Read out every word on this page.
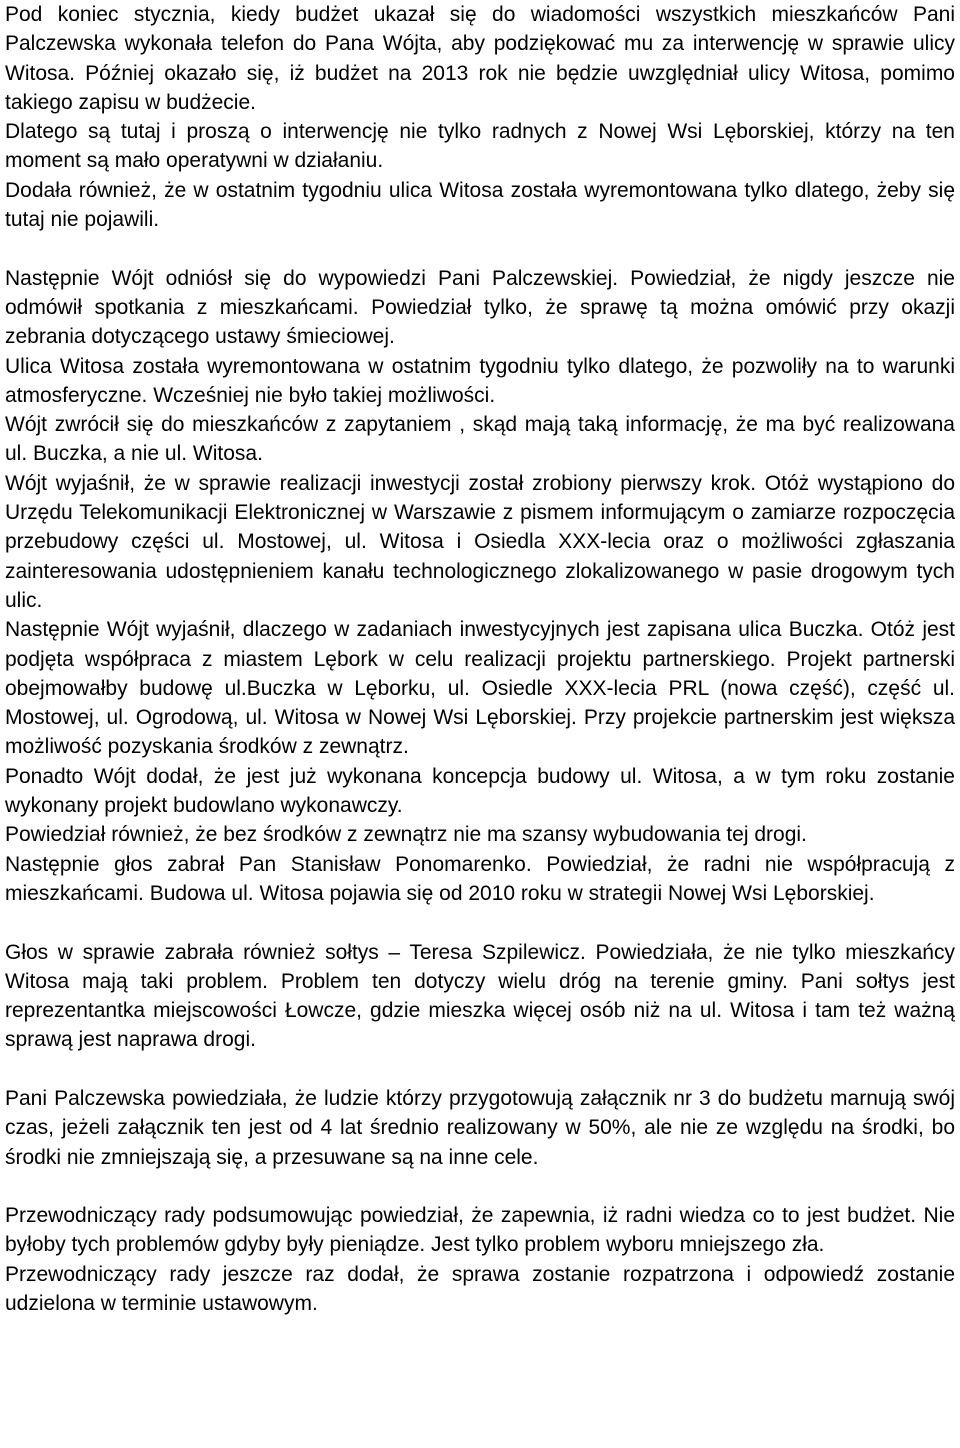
Pod koniec stycznia, kiedy budżet ukazał się do wiadomości wszystkich mieszkańców Pani Palczewska wykonała telefon do Pana Wójta, aby podziękować mu za interwencję w sprawie ulicy Witosa. Później okazało się, iż budżet na 2013 rok nie będzie uwzględniał ulicy Witosa, pomimo takiego zapisu w budżecie.

Dlatego są tutaj i proszą o interwencję nie tylko radnych z Nowej Wsi Lęborskiej, którzy na ten moment są mało operatywni w działaniu.

Dodała również, że w ostatnim tygodniu ulica Witosa została wyremontowana tylko dlatego, żeby się tutaj nie pojawili.

Następnie Wójt odniósł się do wypowiedzi Pani Palczewskiej. Powiedział, że nigdy jeszcze nie odmówił spotkania z mieszkańcami. Powiedział tylko, że sprawę tą można omówić przy okazji zebrania dotyczącego ustawy śmieciowej.

Ulica Witosa została wyremontowana w ostatnim tygodniu tylko dlatego, że pozwoliły na to warunki atmosferyczne. Wcześniej nie było takiej możliwości.

Wójt zwrócił się do mieszkańców z zapytaniem , skąd mają taką informację, że ma być realizowana ul. Buczka, a nie ul. Witosa.

Wójt wyjaśnił, że w sprawie realizacji inwestycji został zrobiony pierwszy krok. Otóż wystąpiono do Urzędu Telekomunikacji Elektronicznej w Warszawie z pismem informującym o zamiarze rozpoczęcia przebudowy części ul. Mostowej, ul. Witosa i Osiedla XXX-lecia oraz o możliwości zgłaszania zainteresowania udostępnieniem kanału technologicznego zlokalizowanego w pasie drogowym tych ulic.

Następnie Wójt wyjaśnił, dlaczego w zadaniach inwestycyjnych jest zapisana ulica Buczka. Otóż jest podjęta współpraca z miastem Lębork w celu realizacji projektu partnerskiego. Projekt partnerski obejmowałby budowę ul.Buczka w Lęborku, ul. Osiedle XXX-lecia PRL (nowa część), część ul. Mostowej, ul. Ogrodową, ul. Witosa w Nowej Wsi Lęborskiej. Przy projekcie partnerskim jest większa możliwość pozyskania środków z zewnątrz.

Ponadto Wójt dodał, że jest już wykonana koncepcja budowy ul. Witosa, a w tym roku zostanie wykonany projekt budowlano wykonawczy.

Powiedział również, że bez środków z zewnątrz nie ma szansy wybudowania tej drogi.

Następnie głos zabrał Pan Stanisław Ponomarenko. Powiedział, że radni nie współpracują z mieszkańcami. Budowa ul. Witosa pojawia się od 2010 roku w strategii Nowej Wsi Lęborskiej.

Głos w sprawie zabrała również sołtys – Teresa Szpilewicz. Powiedziała, że nie tylko mieszkańcy Witosa mają taki problem. Problem ten dotyczy wielu dróg na terenie gminy. Pani sołtys jest reprezentantka miejscowości Łowcze, gdzie mieszka więcej osób niż na ul. Witosa i tam też ważną sprawą jest naprawa drogi.

Pani Palczewska powiedziała, że ludzie którzy przygotowują załącznik nr 3 do budżetu marnują swój czas, jeżeli załącznik ten jest od 4 lat średnio realizowany w 50%, ale nie ze względu na środki, bo środki nie zmniejszają się, a przesuwane są na inne cele.

Przewodniczący rady podsumowując powiedział, że zapewnia, iż radni wiedza co to jest budżet. Nie byłoby tych problemów gdyby były pieniądze. Jest tylko problem wyboru mniejszego zła.

Przewodniczący rady jeszcze raz dodał, że sprawa zostanie rozpatrzona i odpowiedź zostanie udzielona w terminie ustawowym.
